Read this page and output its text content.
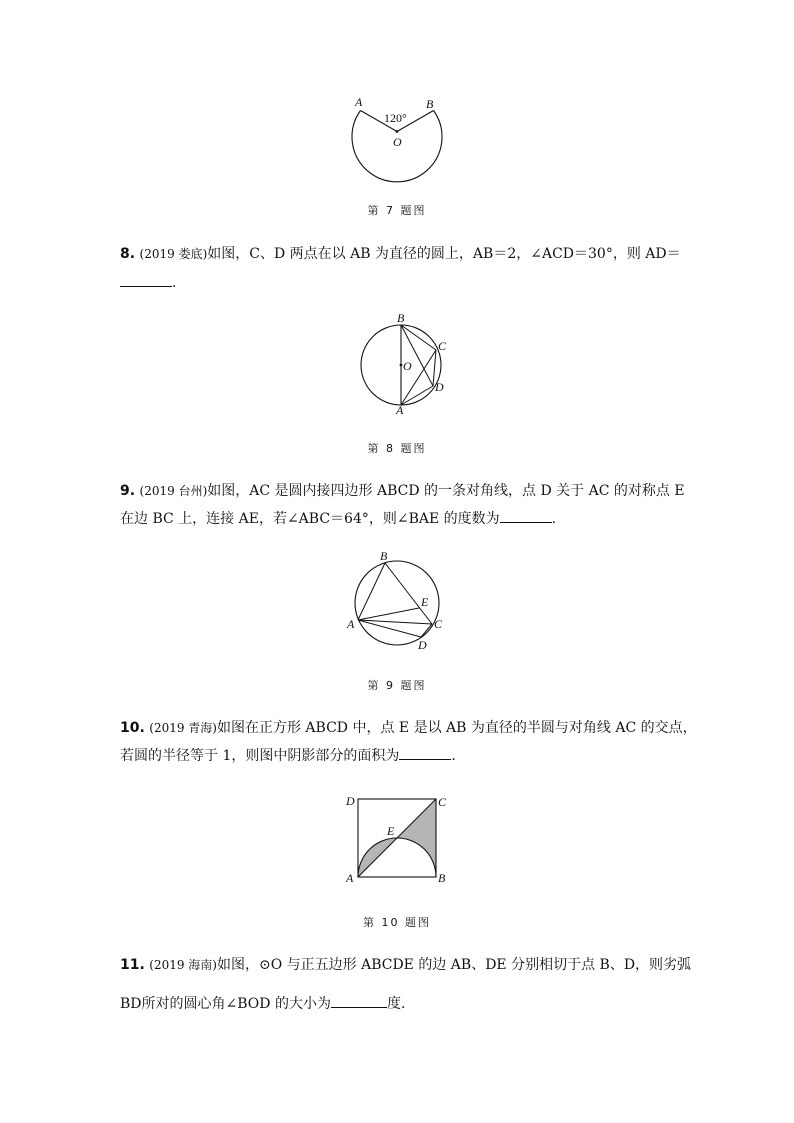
A	B
O
120°
第 7 题图
8. (2019 娄底)如图，C、D 两点在以 AB 为直径的圆上，AB＝2，∠ACD＝30°，则 AD＝
.
B
C
O
D
A
第 8 题图
9. (2019 台州)如图，AC 是圆内接四边形 ABCD 的一条对角线，点 D 关于 AC 的对称点 E
在边 BC 上，连接 AE，若∠ABC＝64°，则∠BAE 的度数为	.
B
E
A	C
D
第 9 题图
10. (2019 青海)如图在正方形 ABCD 中，点 E 是以 AB 为直径的半圆与对角线 AC 的交点，
若圆的半径等于 1，则图中阴影部分的面积为	.
D	C
E
A	B
第 10 题图
11. (2019 海南)如图，⊙O 与正五边形 ABCDE 的边 AB、DE 分别相切于点 B、D，则劣弧
BD所对的圆心角∠BOD 的大小为	度.
